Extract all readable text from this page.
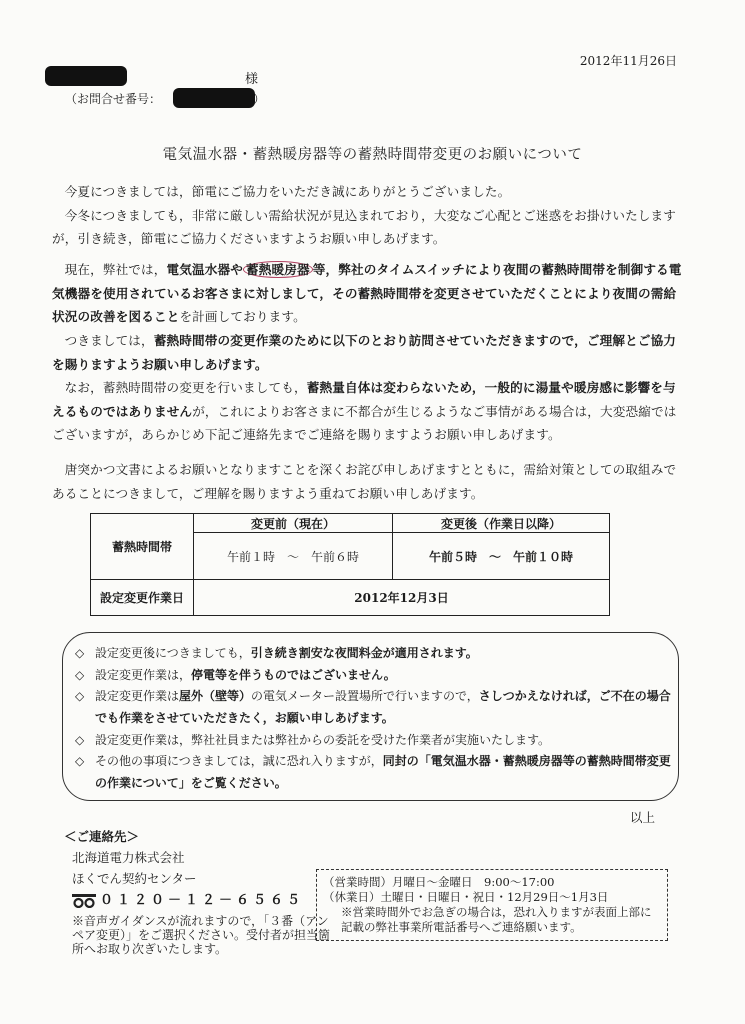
2012年11月26日
様
（お問合せ番号：	）
電気温水器・蓄熱暖房器等の蓄熱時間帯変更のお願いについて
今夏につきましては，節電にご協力をいただき誠にありがとうございました。
今冬につきましても，非常に厳しい需給状況が見込まれており，大変なご心配とご迷惑をお掛けいたしますが，引き続き，節電にご協力くださいますようお願い申しあげます。
現在，弊社では，電気温水器や 蓄熱暖房器 等，弊社のタイムスイッチにより夜間の蓄熱時間帯を制御する電気機器を使用されているお客さまに対しまして，その蓄熱時間帯を変更させていただくことにより夜間の需給状況の改善を図ることを計画しております。
つきましては，蓄熱時間帯の変更作業のために以下のとおり訪問させていただきますので，ご理解とご協力を賜りますようお願い申しあげます。
なお，蓄熱時間帯の変更を行いましても，蓄熱量自体は変わらないため，一般的に湯量や暖房感に影響を与えるものではありませんが，これによりお客さまに不都合が生じるようなご事情がある場合は，大変恐縮ではございますが，あらかじめ下記ご連絡先までご連絡を賜りますようお願い申しあげます。
唐突かつ文書によるお願いとなりますことを深くお詫び申しあげますとともに，需給対策としての取組みであることにつきまして，ご理解を賜りますよう重ねてお願い申しあげます。
蓄熱時間帯	変更前（現在）	変更後（作業日以降）
	午前１時　～　午前６時	午前５時　～　午前１０時
設定変更作業日	2012年12月3日	
◇ 設定変更後につきましても，引き続き割安な夜間料金が適用されます。
◇ 設定変更作業は，停電等を伴うものではございません。
◇ 設定変更作業は屋外（壁等）の電気メーター設置場所で行いますので，さしつかえなければ，ご不在の場合でも作業をさせていただきたく，お願い申しあげます。
◇ 設定変更作業は，弊社社員または弊社からの委託を受けた作業者が実施いたします。
◇ その他の事項につきましては，誠に恐れ入りますが，同封の「電気温水器・蓄熱暖房器等の蓄熱時間帯変更の作業について」をご覧ください。
以上
＜ご連絡先＞
北海道電力株式会社
ほくでん契約センター
０１２０－１２－６５６５
※音声ガイダンスが流れますので，「３番（アンペア変更）」をご選択ください。受付者が担当箇所へお取り次ぎいたします。
（営業時間）月曜日～金曜日　9:00～17:00
（休業日）土曜日・日曜日・祝日・12月29日～1月3日
※営業時間外でお急ぎの場合は，恐れ入りますが表面上部に記載の弊社事業所電話番号へご連絡願います。
